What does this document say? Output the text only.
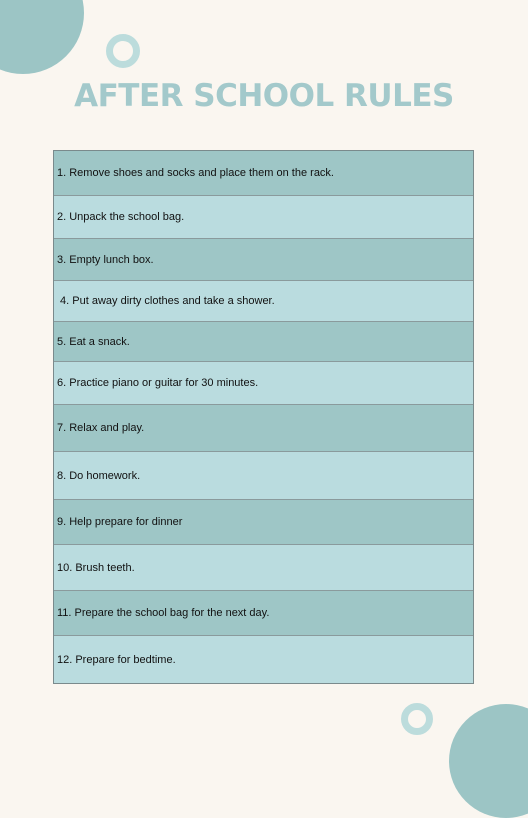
AFTER SCHOOL RULES
1. Remove shoes and socks and place them on the rack.
2. Unpack the school bag.
3. Empty lunch box.
4. Put away dirty clothes and take a shower.
5. Eat a snack.
6. Practice piano or guitar for 30 minutes.
7. Relax and play.
8. Do homework.
9. Help prepare for dinner
10. Brush teeth.
11. Prepare the school bag for the next day.
12. Prepare for bedtime.
